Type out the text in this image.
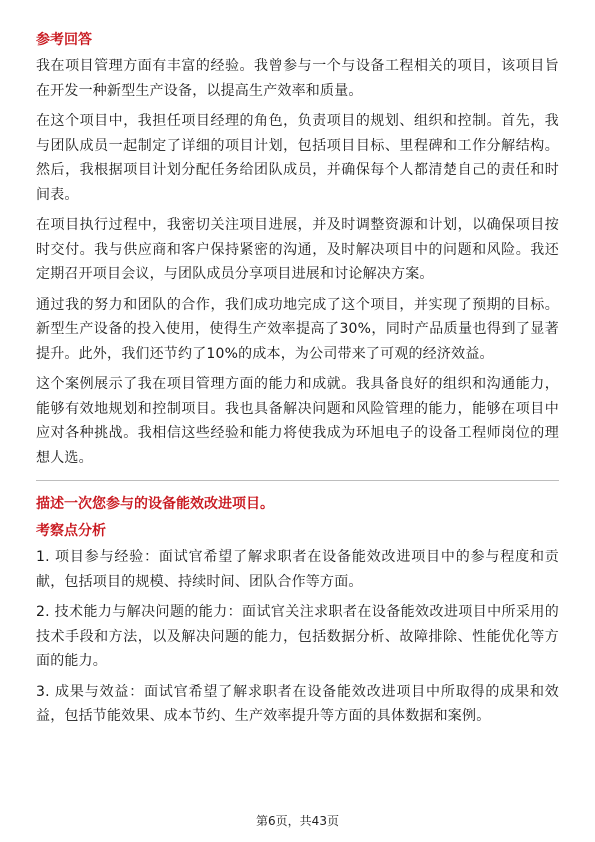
参考回答

我在项目管理方面有丰富的经验。我曾参与一个与设备工程相关的项目，该项目旨在开发一种新型生产设备，以提高生产效率和质量。

在这个项目中，我担任项目经理的角色，负责项目的规划、组织和控制。首先，我与团队成员一起制定了详细的项目计划，包括项目目标、里程碑和工作分解结构。然后，我根据项目计划分配任务给团队成员，并确保每个人都清楚自己的责任和时间表。

在项目执行过程中，我密切关注项目进展，并及时调整资源和计划，以确保项目按时交付。我与供应商和客户保持紧密的沟通，及时解决项目中的问题和风险。我还定期召开项目会议，与团队成员分享项目进展和讨论解决方案。

通过我的努力和团队的合作，我们成功地完成了这个项目，并实现了预期的目标。新型生产设备的投入使用，使得生产效率提高了30%，同时产品质量也得到了显著提升。此外，我们还节约了10%的成本，为公司带来了可观的经济效益。

这个案例展示了我在项目管理方面的能力和成就。我具备良好的组织和沟通能力，能够有效地规划和控制项目。我也具备解决问题和风险管理的能力，能够在项目中应对各种挑战。我相信这些经验和能力将使我成为环旭电子的设备工程师岗位的理想人选。

描述一次您参与的设备能效改进项目。
考察点分析

1. 项目参与经验：面试官希望了解求职者在设备能效改进项目中的参与程度和贡献，包括项目的规模、持续时间、团队合作等方面。

2. 技术能力与解决问题的能力：面试官关注求职者在设备能效改进项目中所采用的技术手段和方法，以及解决问题的能力，包括数据分析、故障排除、性能优化等方面的能力。

3. 成果与效益：面试官希望了解求职者在设备能效改进项目中所取得的成果和效益，包括节能效果、成本节约、生产效率提升等方面的具体数据和案例。

第6页，共43页
